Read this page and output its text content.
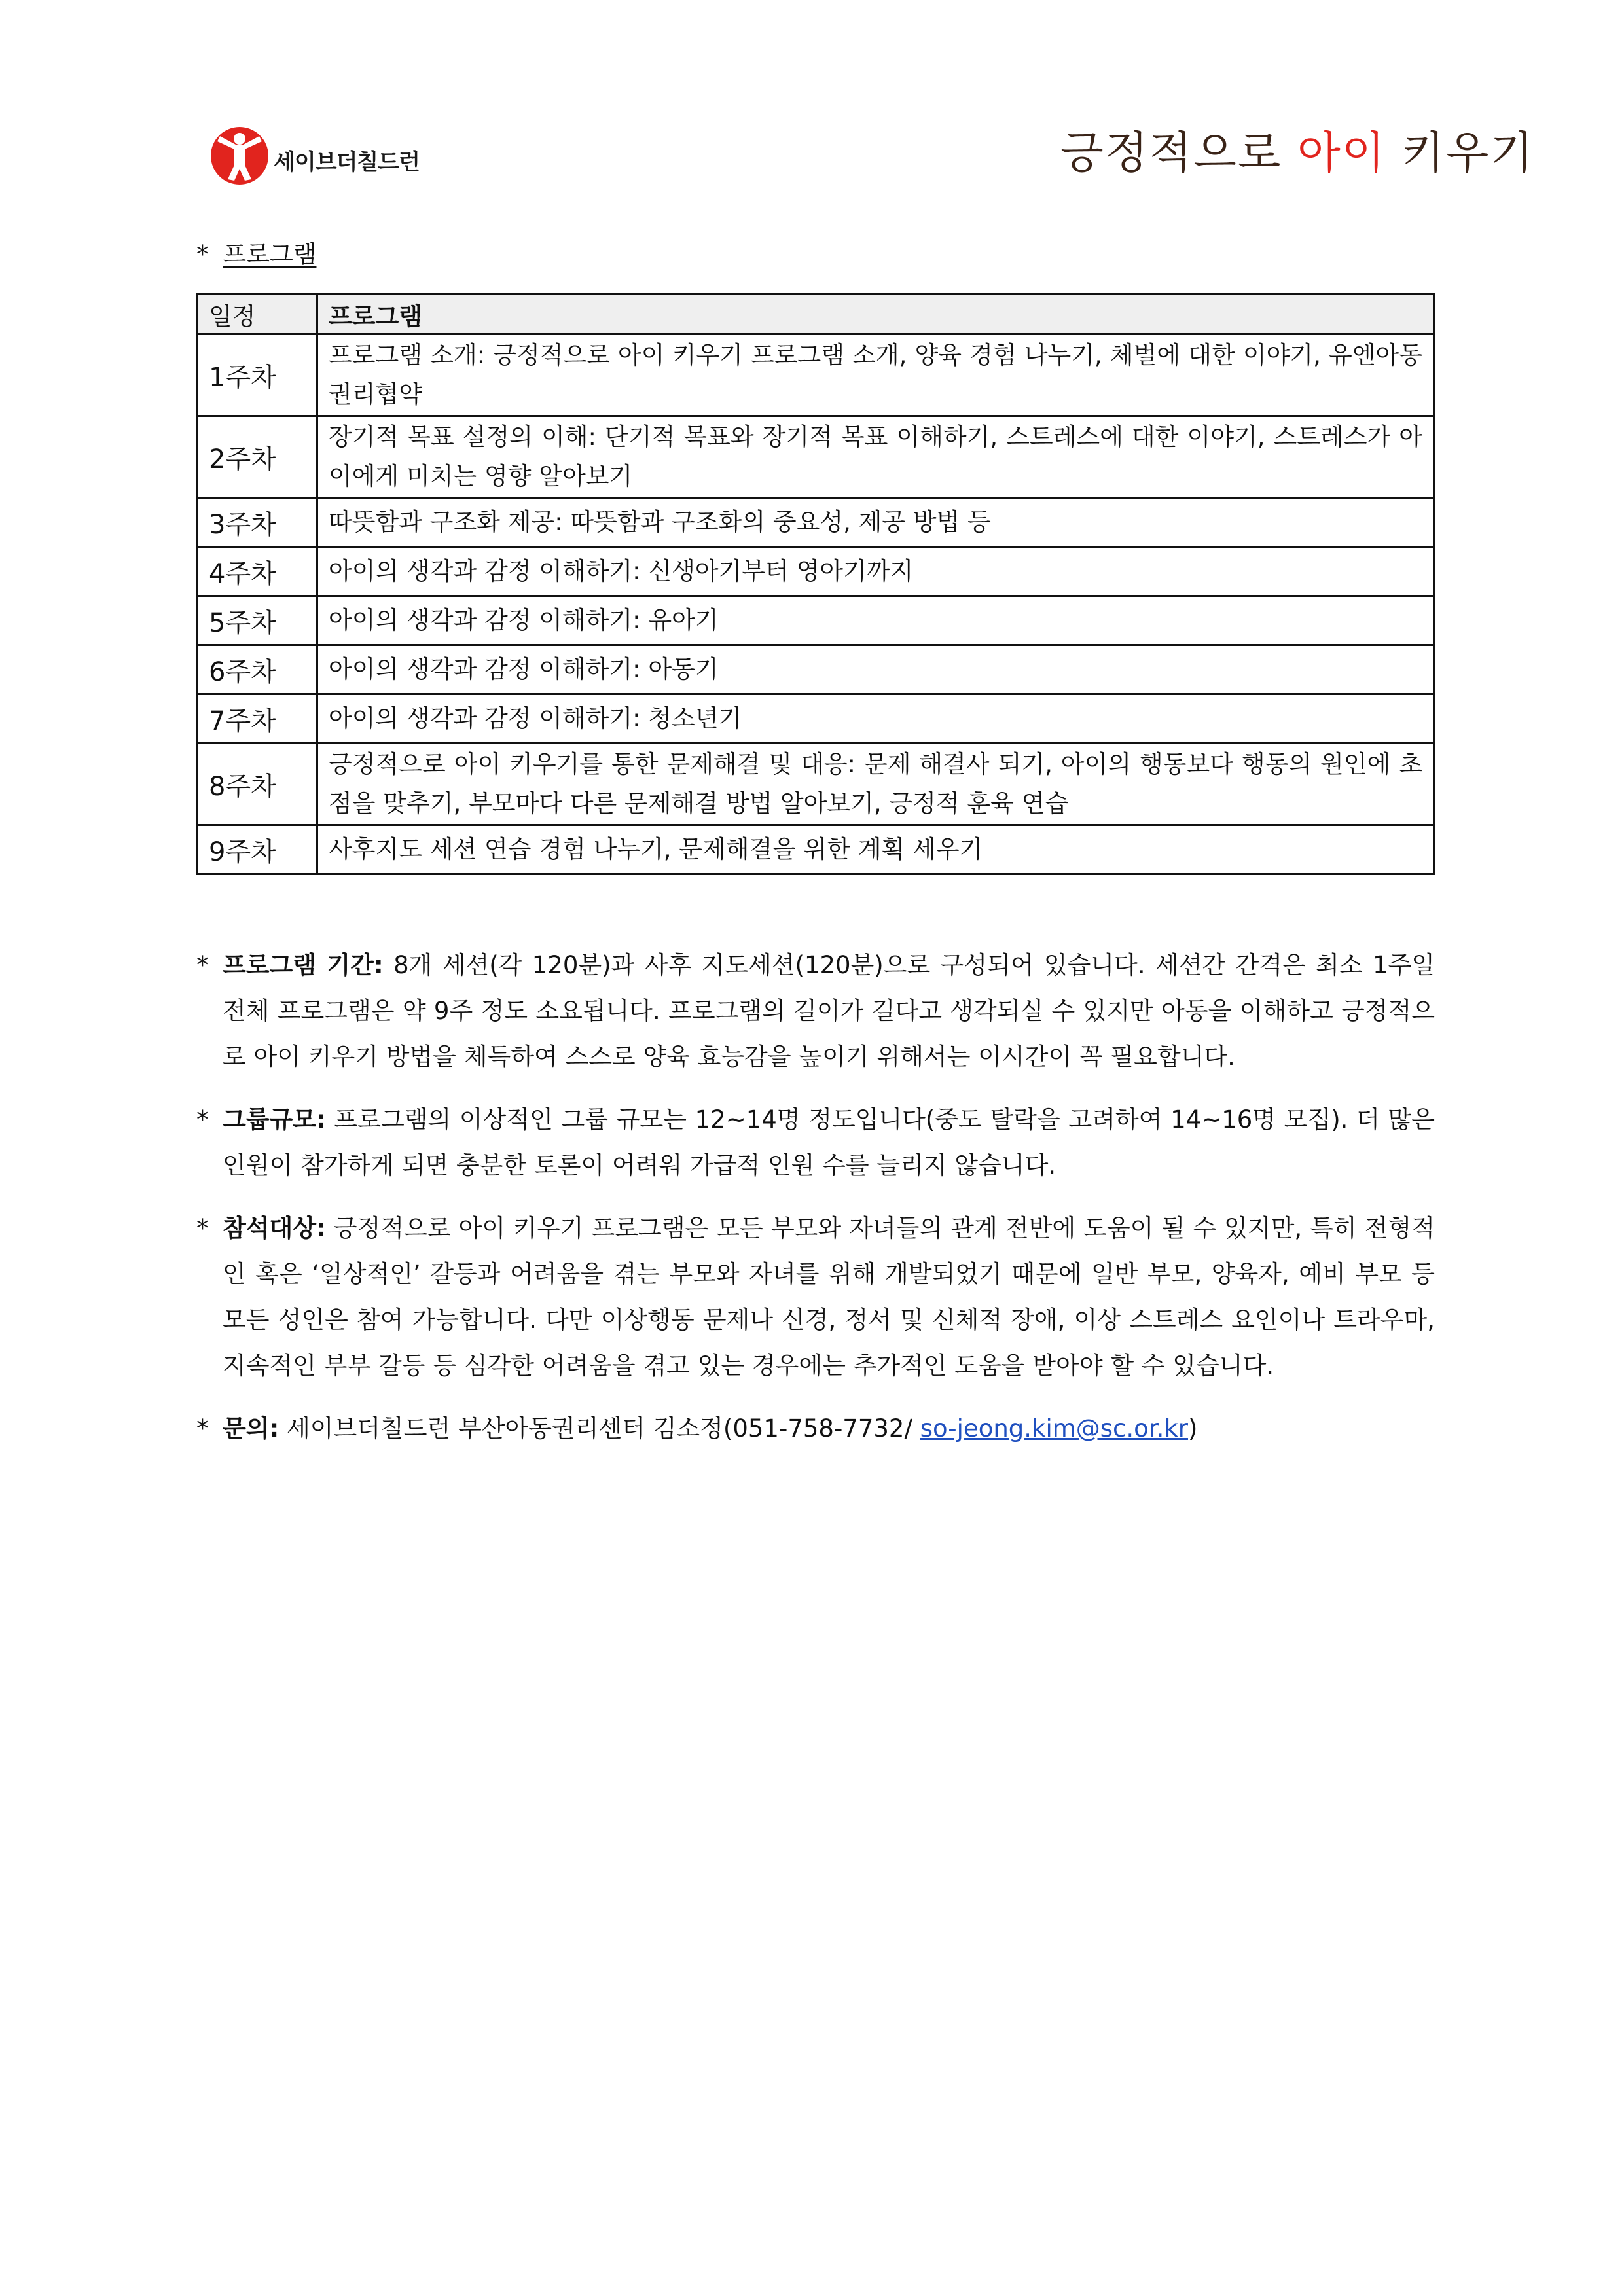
세이브더칠드런	긍정적으로 아이 키우기
* 프로그램
일정	프로그램
1주차	프로그램 소개: 긍정적으로 아이 키우기 프로그램 소개, 양육 경험 나누기, 체벌에 대한 이야기, 유엔아동권리협약
2주차	장기적 목표 설정의 이해: 단기적 목표와 장기적 목표 이해하기, 스트레스에 대한 이야기, 스트레스가 아이에게 미치는 영향 알아보기
3주차	따뜻함과 구조화 제공: 따뜻함과 구조화의 중요성, 제공 방법 등
4주차	아이의 생각과 감정 이해하기: 신생아기부터 영아기까지
5주차	아이의 생각과 감정 이해하기: 유아기
6주차	아이의 생각과 감정 이해하기: 아동기
7주차	아이의 생각과 감정 이해하기: 청소년기
8주차	긍정적으로 아이 키우기를 통한 문제해결 및 대응: 문제 해결사 되기, 아이의 행동보다 행동의 원인에 초점을 맞추기, 부모마다 다른 문제해결 방법 알아보기, 긍정적 훈육 연습
9주차	사후지도 세션 연습 경험 나누기, 문제해결을 위한 계획 세우기
* 프로그램 기간: 8개 세션(각 120분)과 사후 지도세션(120분)으로 구성되어 있습니다. 세션간 간격은 최소 1주일 전체 프로그램은 약 9주 정도 소요됩니다. 프로그램의 길이가 길다고 생각되실 수 있지만 아동을 이해하고 긍정적으로 아이 키우기 방법을 체득하여 스스로 양육 효능감을 높이기 위해서는 이시간이 꼭 필요합니다.
* 그룹규모: 프로그램의 이상적인 그룹 규모는 12~14명 정도입니다(중도 탈락을 고려하여 14~16명 모집). 더 많은 인원이 참가하게 되면 충분한 토론이 어려워 가급적 인원 수를 늘리지 않습니다.
* 참석대상: 긍정적으로 아이 키우기 프로그램은 모든 부모와 자녀들의 관계 전반에 도움이 될 수 있지만, 특히 전형적인 혹은 ‘일상적인’ 갈등과 어려움을 겪는 부모와 자녀를 위해 개발되었기 때문에 일반 부모, 양육자, 예비 부모 등 모든 성인은 참여 가능합니다. 다만 이상행동 문제나 신경, 정서 및 신체적 장애, 이상 스트레스 요인이나 트라우마, 지속적인 부부 갈등 등 심각한 어려움을 겪고 있는 경우에는 추가적인 도움을 받아야 할 수 있습니다.
* 문의: 세이브더칠드런 부산아동권리센터 김소정(051-758-7732/ so-jeong.kim@sc.or.kr)
